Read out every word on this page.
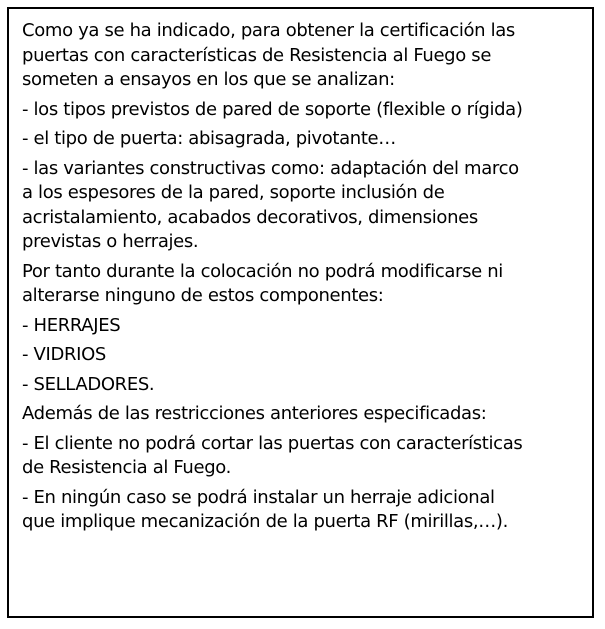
Como ya se ha indicado, para obtener la certificación las
puertas con características de Resistencia al Fuego se
someten a ensayos en los que se analizan:

- los tipos previstos de pared de soporte (flexible o rígida)

- el tipo de puerta: abisagrada, pivotante…

- las variantes constructivas como: adaptación del marco
a los espesores de la pared, soporte inclusión de
acristalamiento, acabados decorativos, dimensiones
previstas o herrajes.

Por tanto durante la colocación no podrá modificarse ni
alterarse ninguno de estos componentes:

- HERRAJES

- VIDRIOS

- SELLADORES.

Además de las restricciones anteriores especificadas:

- El cliente no podrá cortar las puertas con características
de Resistencia al Fuego.

- En ningún caso se podrá instalar un herraje adicional
que implique mecanización de la puerta RF (mirillas,…).
